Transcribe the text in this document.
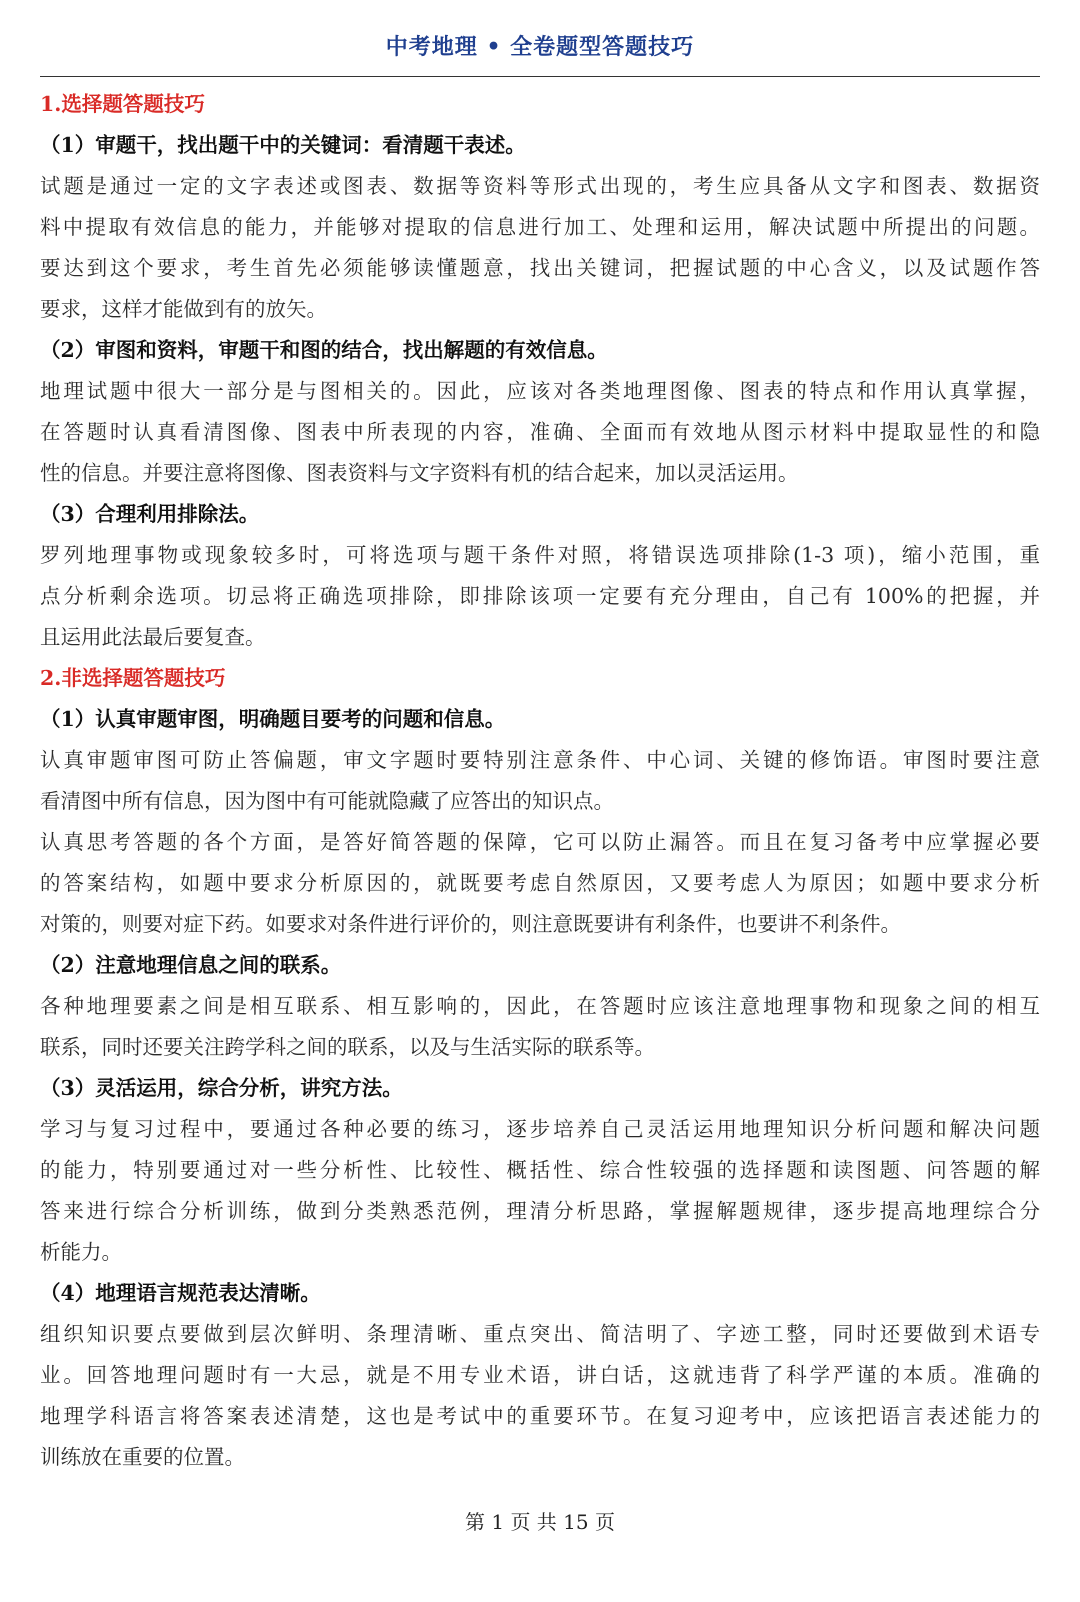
中考地理 • 全卷题型答题技巧
1.选择题答题技巧
（1）审题干，找出题干中的关键词：看清题干表述。
试题是通过一定的文字表述或图表、数据等资料等形式出现的，考生应具备从文字和图表、数据资
料中提取有效信息的能力，并能够对提取的信息进行加工、处理和运用，解决试题中所提出的问题。
要达到这个要求，考生首先必须能够读懂题意，找出关键词，把握试题的中心含义，以及试题作答
要求，这样才能做到有的放矢。
（2）审图和资料，审题干和图的结合，找出解题的有效信息。
地理试题中很大一部分是与图相关的。因此，应该对各类地理图像、图表的特点和作用认真掌握，
在答题时认真看清图像、图表中所表现的内容，准确、全面而有效地从图示材料中提取显性的和隐
性的信息。并要注意将图像、图表资料与文字资料有机的结合起来，加以灵活运用。
（3）合理利用排除法。
罗列地理事物或现象较多时，可将选项与题干条件对照，将错误选项排除(1-3 项)，缩小范围，重
点分析剩余选项。切忌将正确选项排除，即排除该项一定要有充分理由，自己有 100%的把握，并
且运用此法最后要复查。
2.非选择题答题技巧
（1）认真审题审图，明确题目要考的问题和信息。
认真审题审图可防止答偏题，审文字题时要特别注意条件、中心词、关键的修饰语。审图时要注意
看清图中所有信息，因为图中有可能就隐藏了应答出的知识点。
认真思考答题的各个方面，是答好简答题的保障，它可以防止漏答。而且在复习备考中应掌握必要
的答案结构，如题中要求分析原因的，就既要考虑自然原因，又要考虑人为原因；如题中要求分析
对策的，则要对症下药。如要求对条件进行评价的，则注意既要讲有利条件，也要讲不利条件。
（2）注意地理信息之间的联系。
各种地理要素之间是相互联系、相互影响的，因此，在答题时应该注意地理事物和现象之间的相互
联系，同时还要关注跨学科之间的联系，以及与生活实际的联系等。
（3）灵活运用，综合分析，讲究方法。
学习与复习过程中，要通过各种必要的练习，逐步培养自己灵活运用地理知识分析问题和解决问题
的能力，特别要通过对一些分析性、比较性、概括性、综合性较强的选择题和读图题、问答题的解
答来进行综合分析训练，做到分类熟悉范例，理清分析思路，掌握解题规律，逐步提高地理综合分
析能力。
（4）地理语言规范表达清晰。
组织知识要点要做到层次鲜明、条理清晰、重点突出、简洁明了、字迹工整，同时还要做到术语专
业。回答地理问题时有一大忌，就是不用专业术语，讲白话，这就违背了科学严谨的本质。准确的
地理学科语言将答案表述清楚，这也是考试中的重要环节。在复习迎考中，应该把语言表述能力的
训练放在重要的位置。
第 1 页 共 15 页
